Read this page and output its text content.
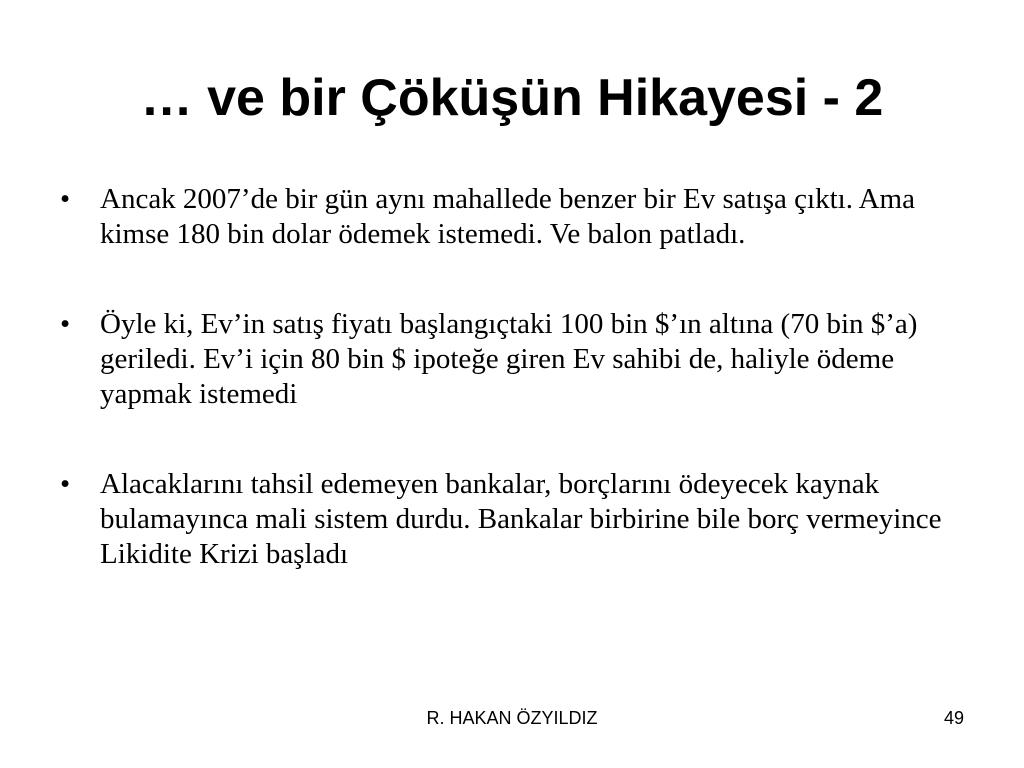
… ve bir Çöküşün Hikayesi - 2
•	Ancak 2007’de bir gün aynı mahallede benzer bir Ev satışa çıktı. Ama kimse 180 bin dolar ödemek istemedi. Ve balon patladı.
•	Öyle ki, Ev’in satış fiyatı başlangıçtaki 100 bin $’ın altına (70 bin $’a) geriledi. Ev’i için 80 bin $ ipoteğe giren Ev sahibi de, haliyle ödeme yapmak istemedi
•	Alacaklarını tahsil edemeyen bankalar, borçlarını ödeyecek kaynak bulamayınca mali sistem durdu. Bankalar birbirine bile borç vermeyince Likidite Krizi başladı
R. HAKAN ÖZYILDIZ	49
